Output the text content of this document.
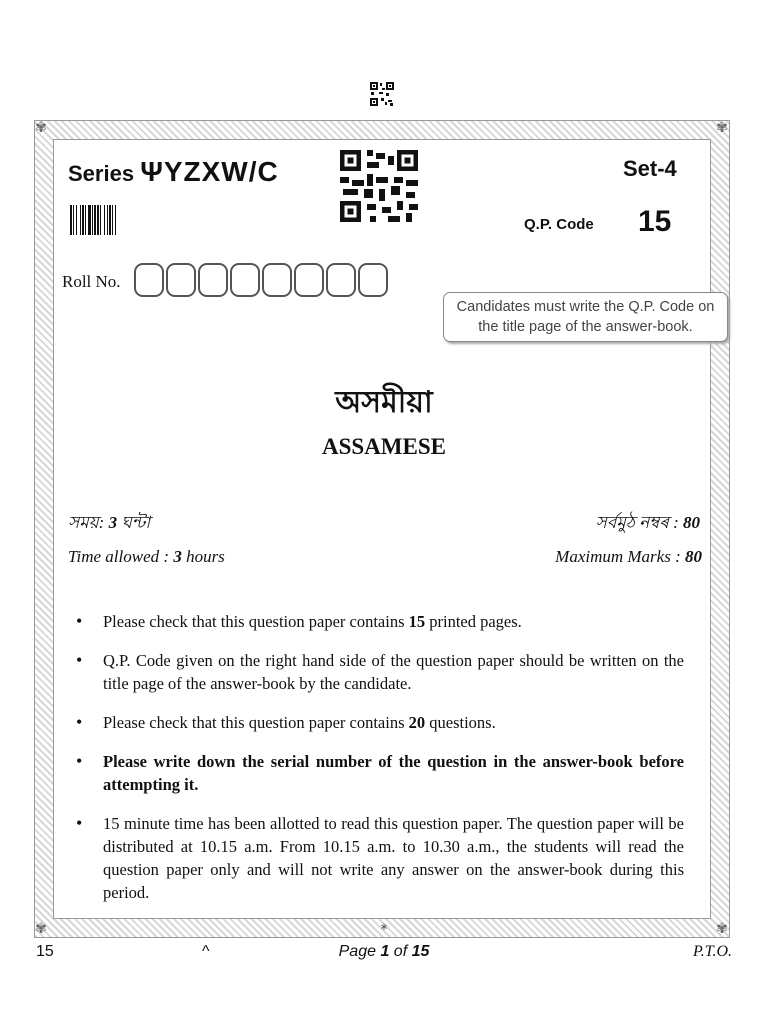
✾	✾
✾	✾
Series ΨYZXW/C	Set-4
Q.P. Code 15
Roll No.
Candidates must write the Q.P. Code on the title page of the answer-book.
অসমীয়া
ASSAMESE
সময়: 3 ঘন্টা	সৰ্বমুঠ নম্বৰ : 80
Time allowed : 3 hours	Maximum Marks : 80
• Please check that this question paper contains 15 printed pages.
• Q.P. Code given on the right hand side of the question paper should be written on the title page of the answer-book by the candidate.
• Please check that this question paper contains 20 questions.
• Please write down the serial number of the question in the answer-book before attempting it.
• 15 minute time has been allotted to read this question paper. The question paper will be distributed at 10.15 a.m. From 10.15 a.m. to 10.30 a.m., the students will read the question paper only and will not write any answer on the answer-book during this period.
*
15	^	Page 1 of 15	P.T.O.
